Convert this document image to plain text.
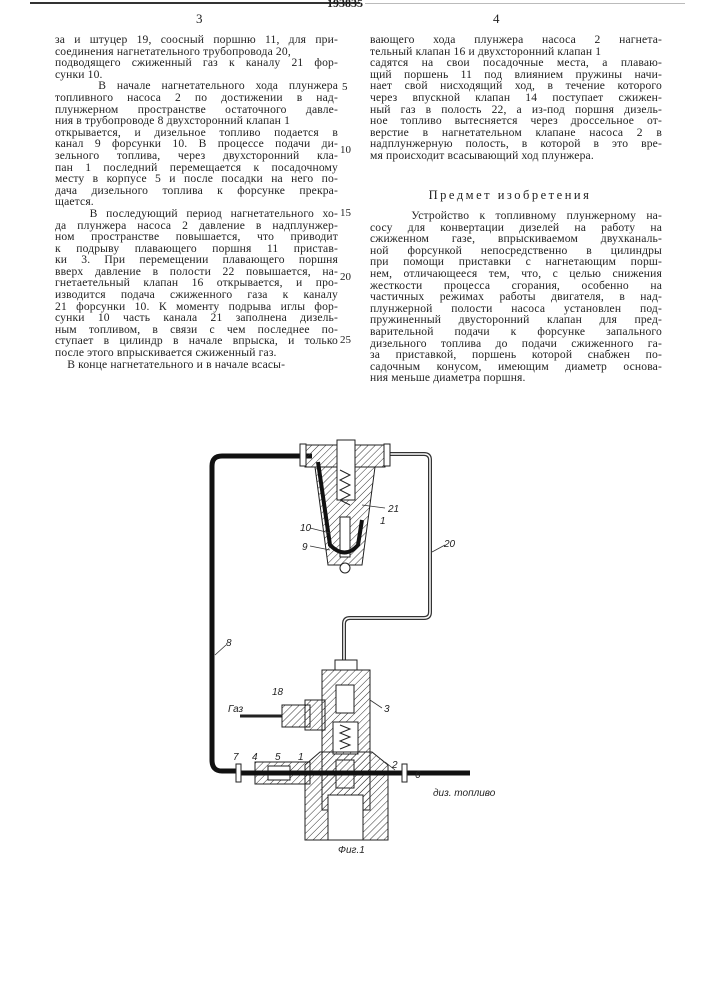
193835
3	4
за и штуцер 19, соосный поршню 11, для при-
соединения нагнетательного трубопровода 20,
подводящего сжиженный газ к каналу 21 фор-
сунки 10.
В начале нагнетательного хода плунжера
топливного насоса 2 по достижении в над-
плунжерном пространстве остаточного давле-
ния в трубопроводе 8 двухсторонний клапан 1
открывается, и дизельное топливо подается в
канал 9 форсунки 10. В процессе подачи ди-
зельного топлива, через двухсторонний кла-
пан 1 последний перемещается к посадочному
месту в корпусе 5 и после посадки на него по-
дача дизельного топлива к форсунке прекра-
щается.
В последующий период нагнетательного хо-
да плунжера насоса 2 давление в надплунжер-
ном пространстве повышается, что приводит
к подрыву плавающего поршня 11 пристав-
ки 3. При перемещении плавающего поршня
вверх давление в полости 22 повышается, на-
гнетаетельный клапан 16 открывается, и про-
изводится подача сжиженного газа к каналу
21 форсунки 10. К моменту подрыва иглы фор-
сунки 10 часть канала 21 заполнена дизель-
ным топливом, в связи с чем последнее по-
ступает в цилиндр в начале впрыска, и только
после этого впрыскивается сжиженный газ.
В конце нагнетательного и в начале всасы-
вающего хода плунжера насоса 2 нагнета-
тельный клапан 16 и двухсторонний клапан 1
садятся на свои посадочные места, а плаваю-
щий поршень 11 под влиянием пружины начи-
нает свой нисходящий ход, в течение которого
через впускной клапан 14 поступает сжижен-
ный газ в полость 22, а из-под поршня дизель-
ное топливо вытесняется через дроссельное от-
верстие в нагнетательном клапане насоса 2 в
надплунжерную полость, в которой в это вре-
мя происходит всасывающий ход плунжера.
Предмет изобретения
Устройство к топливному плунжерному на-
сосу для конвертации дизелей на работу на
сжиженном газе, впрыскиваемом двухканаль-
ной форсункой непосредственно в цилиндры
при помощи приставки с нагнетающим порш-
нем, отличающееся тем, что, с целью снижения
жесткости процесса сгорания, особенно на
частичных режимах работы двигателя, в над-
плунжерной полости насоса установлен под-
пружиненный двусторонний клапан для пред-
варительной подачи к форсунке запального
дизельного топлива до подачи сжиженного га-
за приставкой, поршень которой снабжен по-
садочным конусом, имеющим диаметр основа-
ния меньше диаметра поршня.
5
10
15
20
25
21
1
10
9	20
8
18
Газ	3
7 4 5 1
2
6
диз. топливо
Фиг.1
